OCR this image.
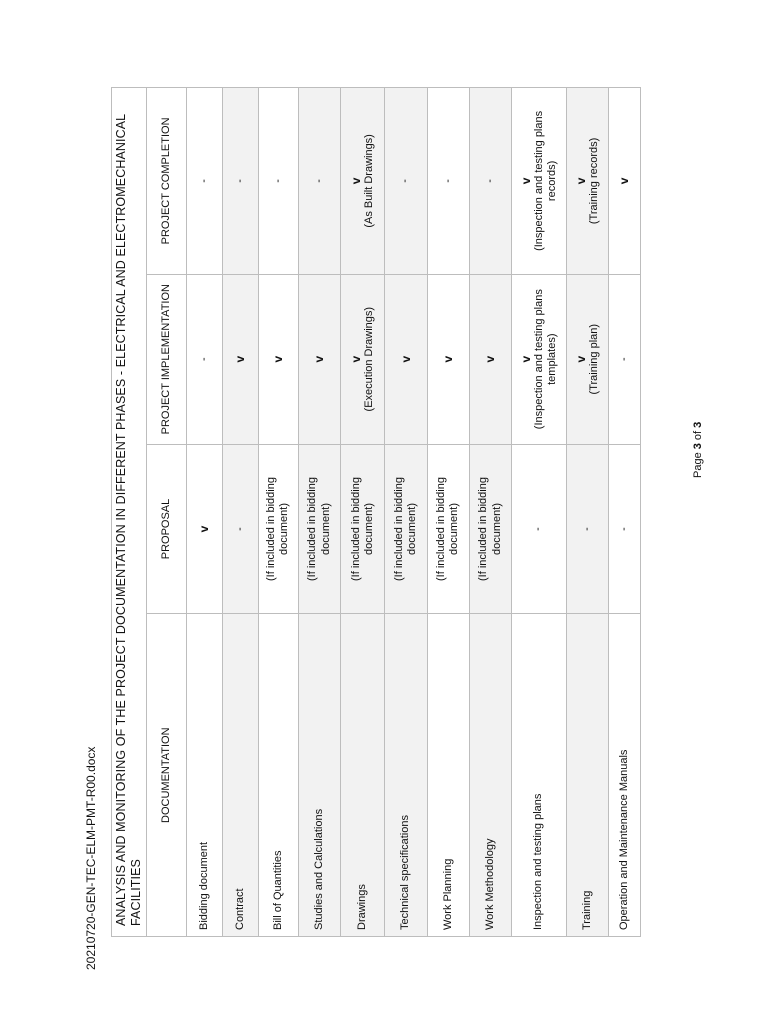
ANALYSIS AND MONITORING OF THE PROJECT DOCUMENTATION IN DIFFERENT PHASES - ELECTRICAL AND ELECTROMECHANICAL FACILITIES			
DOCUMENTATION	PROPOSAL	PROJECT IMPLEMENTATION	PROJECT COMPLETION
Bidding document	v	-	-

Contract	-	v	-

Bill of Quantities	(If included in bidding document)	v	-

Studies and Calculations	(If included in bidding document)	v	-

Drawings	(If included in bidding document)	v (Execution Drawings)	v (As Built Drawings)

Technical specifications	(If included in bidding document)	v	-

Work Planning	(If included in bidding document)	v	-

Work Methodology	(If included in bidding document)	v	-

Inspection and testing plans	-	v (Inspection and testing plans templates)	v (Inspection and testing plans records)

Training	-	v (Training plan)	v (Training records)

Operation and Maintenance Manuals	-	-	v
20210720-GEN-TEC-ELM-PMT-R00.docx
Page 3 of 3
